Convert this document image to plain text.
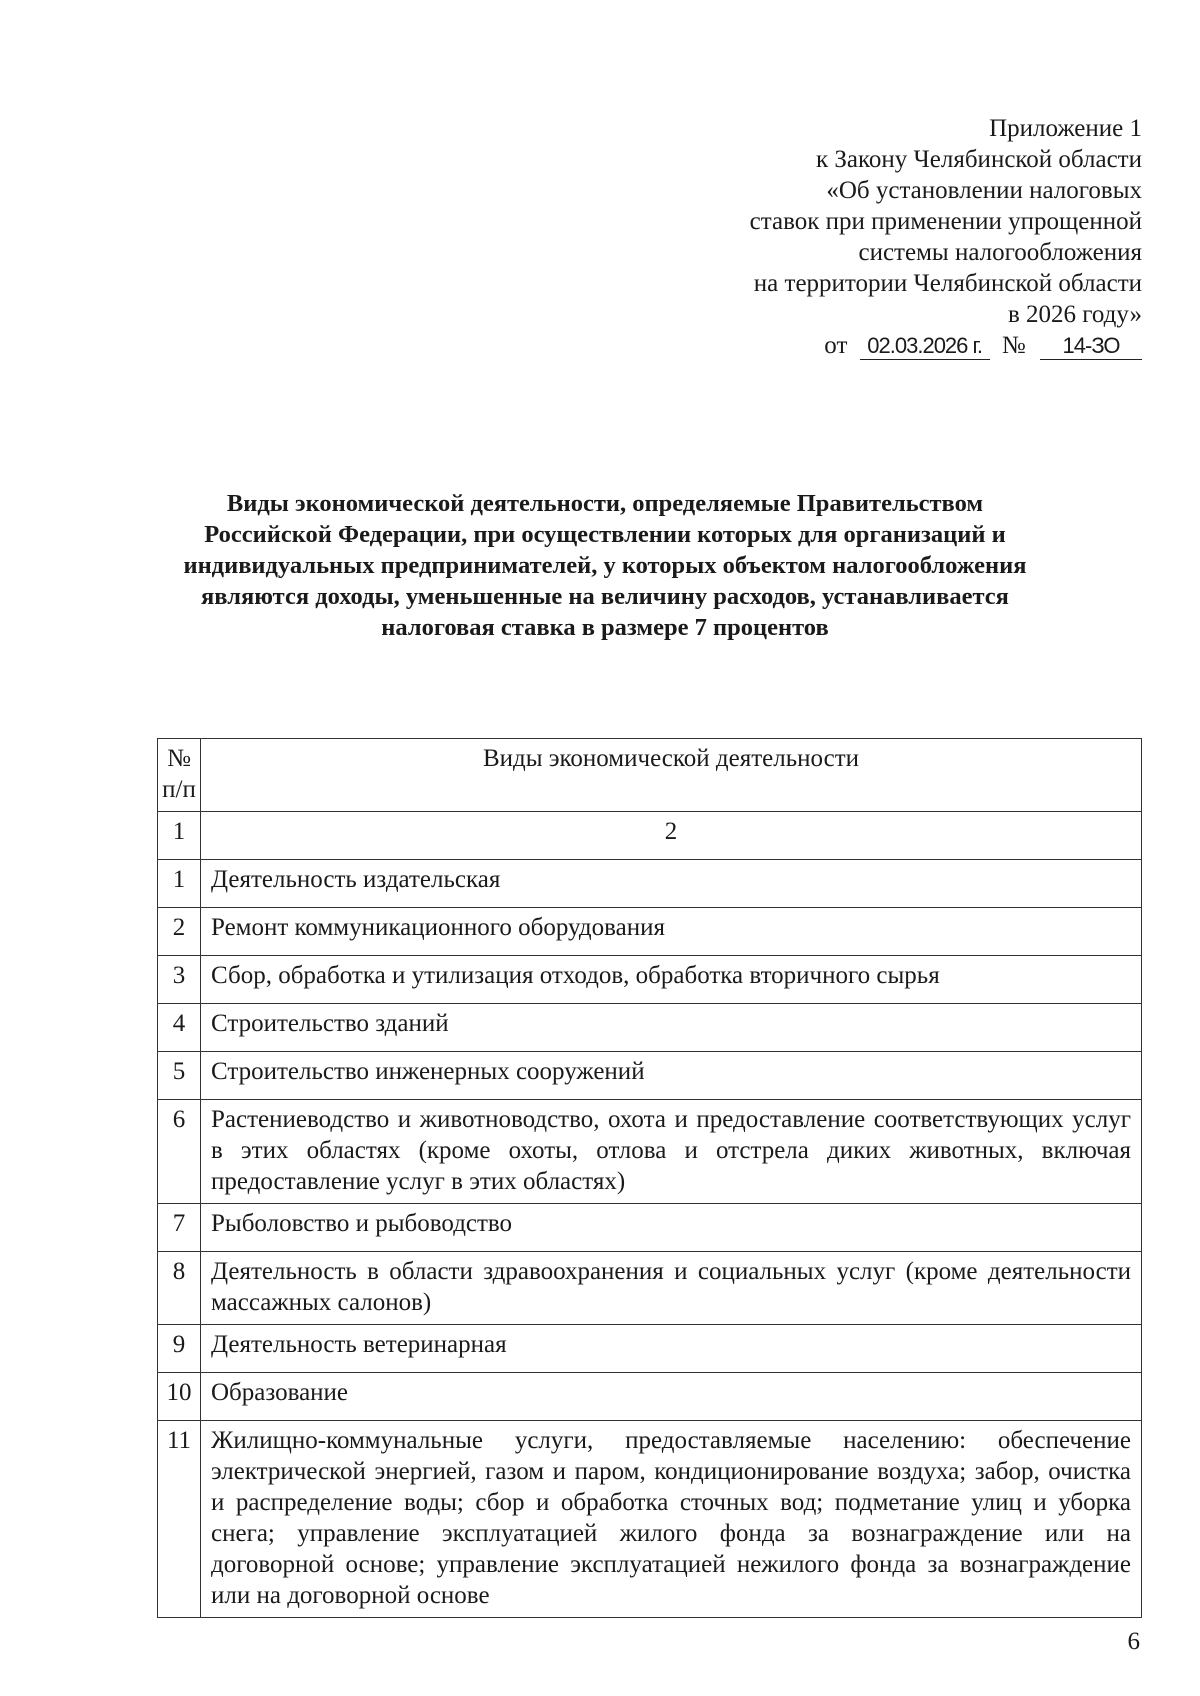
Приложение 1
к Закону Челябинской области
«Об установлении налоговых
ставок при применении упрощенной
системы налогообложения
на территории Челябинской области
в 2026 году»
от 02.03.2026 г. № 14-ЗО
Виды экономической деятельности, определяемые Правительством
Российской Федерации, при осуществлении которых для организаций и
индивидуальных предпринимателей, у которых объектом налогообложения
являются доходы, уменьшенные на величину расходов, устанавливается
налоговая ставка в размере 7 процентов
№ п/п	Виды экономической деятельности
1	2
1	Деятельность издательская
2	Ремонт коммуникационного оборудования
3	Сбор, обработка и утилизация отходов, обработка вторичного сырья
4	Строительство зданий
5	Строительство инженерных сооружений
6	Растениеводство и животноводство, охота и предоставление соответствующих услуг в этих областях (кроме охоты, отлова и отстрела диких животных, включая предоставление услуг в этих областях)
7	Рыболовство и рыбоводство
8	Деятельность в области здравоохранения и социальных услуг (кроме деятельности массажных салонов)
9	Деятельность ветеринарная
10	Образование
11	Жилищно-коммунальные услуги, предоставляемые населению: обеспечение электрической энергией, газом и паром, кондиционирование воздуха; забор, очистка и распределение воды; сбор и обработка сточных вод; подметание улиц и уборка снега; управление эксплуатацией жилого фонда за вознаграждение или на договорной основе; управление эксплуатацией нежилого фонда за вознаграждение или на договорной основе
6
